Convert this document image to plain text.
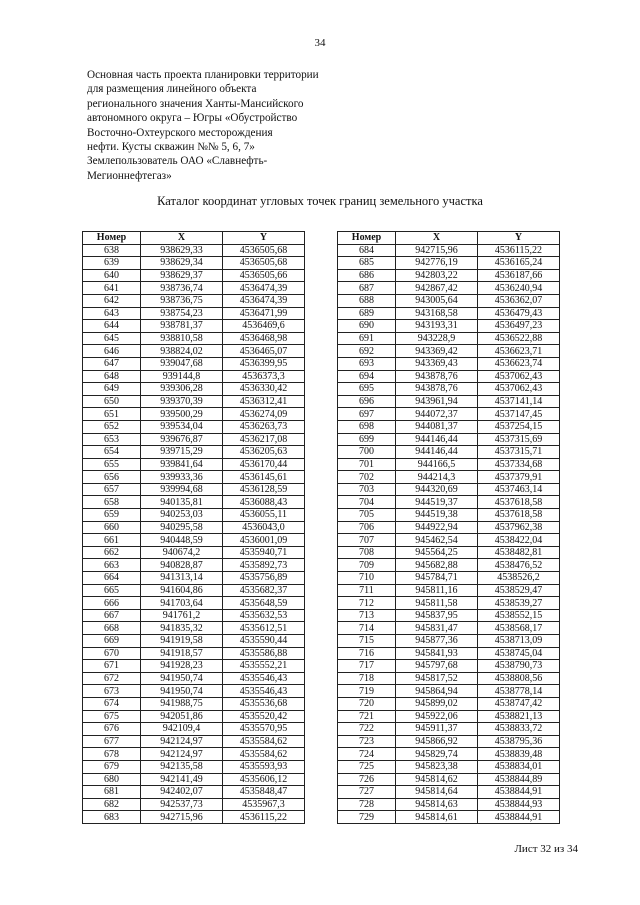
34
Основная часть проекта планировки территории
для размещения линейного объекта
регионального значения Ханты-Мансийского
автономного округа – Югры «Обустройство
Восточно-Охтеурского месторождения
нефти. Кусты скважин №№ 5, 6, 7»
Землепользователь ОАО «Славнефть-
Мегионнефтегаз»
Каталог координат угловых точек границ земельного участка
Номер	X	Y
638	938629,33	4536505,68
639	938629,34	4536505,68
640	938629,37	4536505,66
641	938736,74	4536474,39
642	938736,75	4536474,39
643	938754,23	4536471,99
644	938781,37	4536469,6
645	938810,58	4536468,98
646	938824,02	4536465,07
647	939047,68	4536399,95
648	939144,8	4536373,3
649	939306,28	4536330,42
650	939370,39	4536312,41
651	939500,29	4536274,09
652	939534,04	4536263,73
653	939676,87	4536217,08
654	939715,29	4536205,63
655	939841,64	4536170,44
656	939933,36	4536145,61
657	939994,68	4536128,59
658	940135,81	4536088,43
659	940253,03	4536055,11
660	940295,58	4536043,0
661	940448,59	4536001,09
662	940674,2	4535940,71
663	940828,87	4535892,73
664	941313,14	4535756,89
665	941604,86	4535682,37
666	941703,64	4535648,59
667	941761,2	4535632,53
668	941835,32	4535612,51
669	941919,58	4535590,44
670	941918,57	4535586,88
671	941928,23	4535552,21
672	941950,74	4535546,43
673	941950,74	4535546,43
674	941988,75	4535536,68
675	942051,86	4535520,42
676	942109,4	4535570,95
677	942124,97	4535584,62
678	942124,97	4535584,62
679	942135,58	4535593,93
680	942141,49	4535606,12
681	942402,07	4535848,47
682	942537,73	4535967,3
683	942715,96	4536115,22
Номер	X	Y
684	942715,96	4536115,22
685	942776,19	4536165,24
686	942803,22	4536187,66
687	942867,42	4536240,94
688	943005,64	4536362,07
689	943168,58	4536479,43
690	943193,31	4536497,23
691	943228,9	4536522,88
692	943369,42	4536623,71
693	943369,43	4536623,74
694	943878,76	4537062,43
695	943878,76	4537062,43
696	943961,94	4537141,14
697	944072,37	4537147,45
698	944081,37	4537254,15
699	944146,44	4537315,69
700	944146,44	4537315,71
701	944166,5	4537334,68
702	944214,3	4537379,91
703	944320,69	4537463,14
704	944519,37	4537618,58
705	944519,38	4537618,58
706	944922,94	4537962,38
707	945462,54	4538422,04
708	945564,25	4538482,81
709	945682,88	4538476,52
710	945784,71	4538526,2
711	945811,16	4538529,47
712	945811,58	4538539,27
713	945837,95	4538552,15
714	945831,47	4538568,17
715	945877,36	4538713,09
716	945841,93	4538745,04
717	945797,68	4538790,73
718	945817,52	4538808,56
719	945864,94	4538778,14
720	945899,02	4538747,42
721	945922,06	4538821,13
722	945911,37	4538833,72
723	945866,92	4538795,36
724	945829,74	4538839,48
725	945823,38	4538834,01
726	945814,62	4538844,89
727	945814,64	4538844,91
728	945814,63	4538844,93
729	945814,61	4538844,91
Лист 32 из 34
